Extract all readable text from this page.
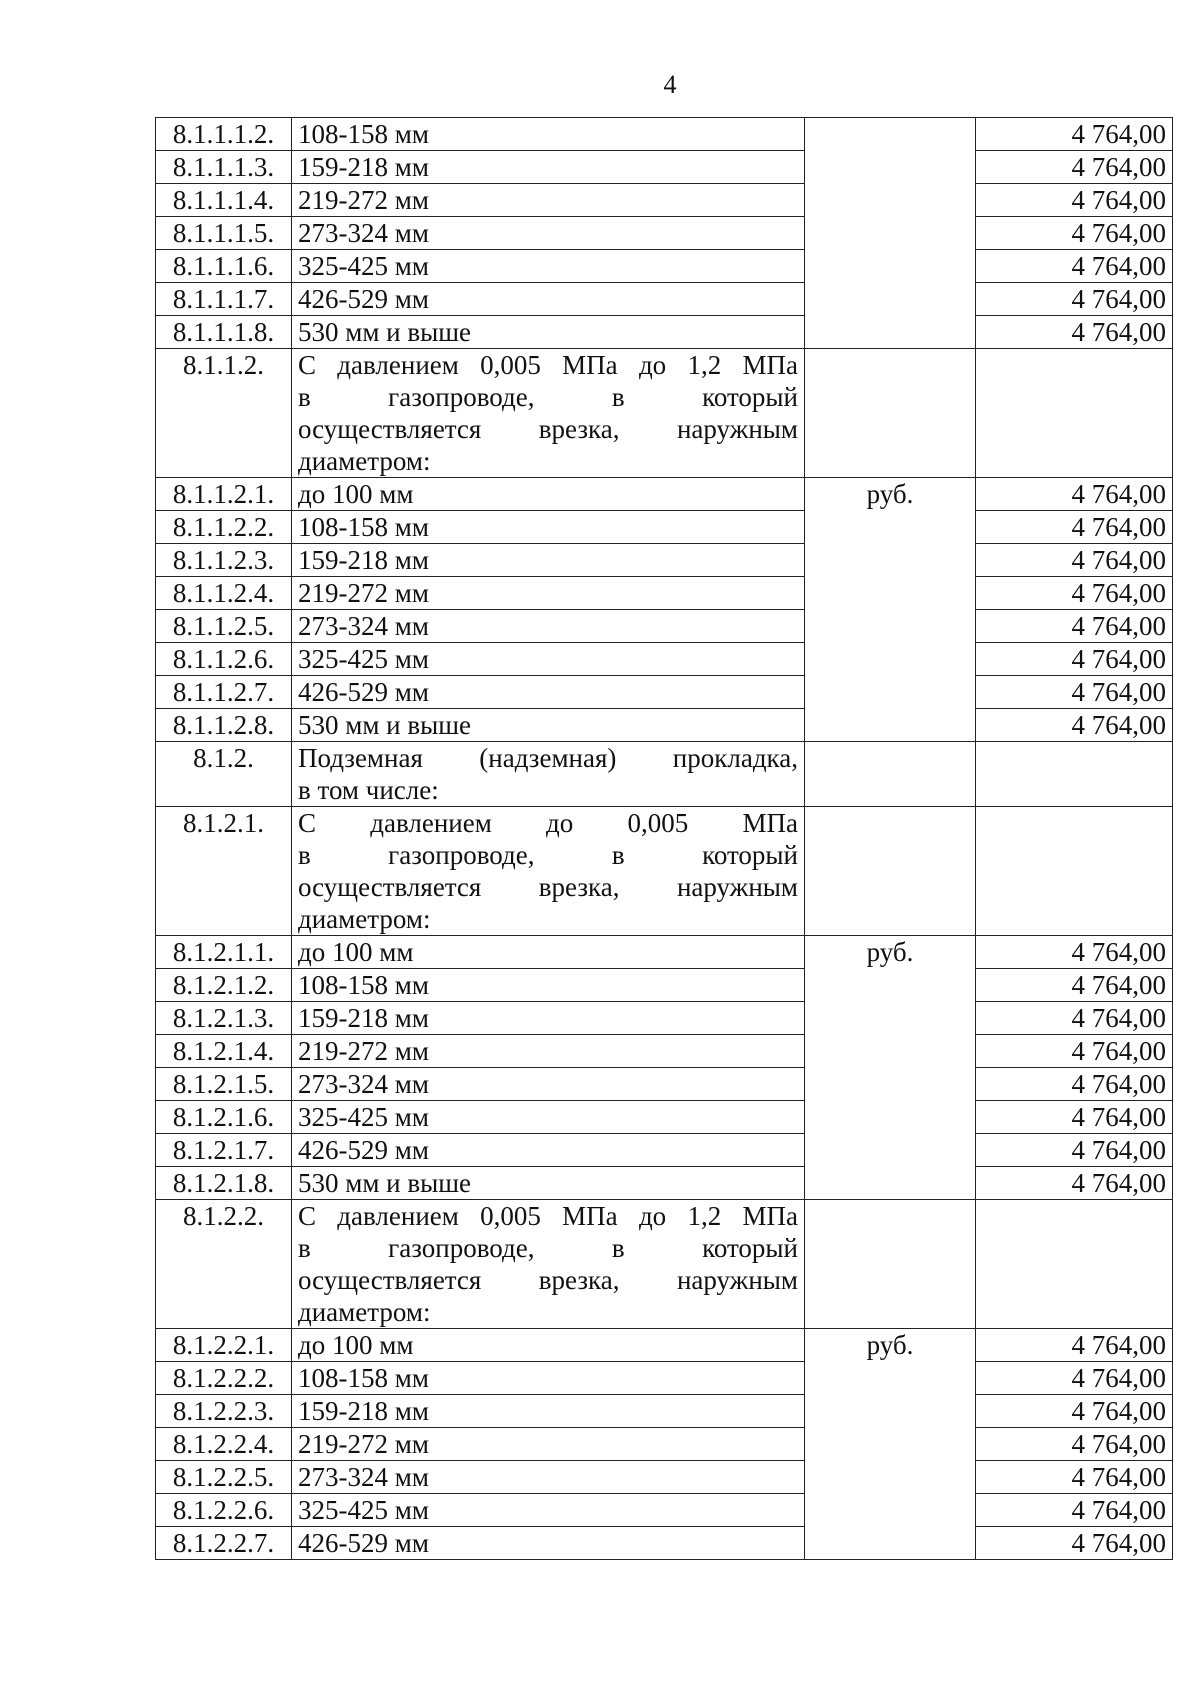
4
8.1.1.1.2.	108-158 мм		4 764,00
8.1.1.1.3.	159-218 мм		4 764,00
8.1.1.1.4.	219-272 мм		4 764,00
8.1.1.1.5.	273-324 мм		4 764,00
8.1.1.1.6.	325-425 мм		4 764,00
8.1.1.1.7.	426-529 мм		4 764,00
8.1.1.1.8.	530 мм и выше		4 764,00
8.1.1.2.	С давлением 0,005 МПа до 1,2 МПа
в газопроводе, в который
осуществляется врезка, наружным
диаметром:		

8.1.1.2.1.	до 100 мм	руб.	4 764,00
8.1.1.2.2.	108-158 мм		4 764,00
8.1.1.2.3.	159-218 мм		4 764,00
8.1.1.2.4.	219-272 мм		4 764,00
8.1.1.2.5.	273-324 мм		4 764,00
8.1.1.2.6.	325-425 мм		4 764,00
8.1.1.2.7.	426-529 мм		4 764,00
8.1.1.2.8.	530 мм и выше		4 764,00
8.1.2.	Подземная (надземная) прокладка,
в том числе:		

8.1.2.1.	С давлением до 0,005 МПа
в газопроводе, в который
осуществляется врезка, наружным
диаметром:		

8.1.2.1.1.	до 100 мм	руб.	4 764,00
8.1.2.1.2.	108-158 мм		4 764,00
8.1.2.1.3.	159-218 мм		4 764,00
8.1.2.1.4.	219-272 мм		4 764,00
8.1.2.1.5.	273-324 мм		4 764,00
8.1.2.1.6.	325-425 мм		4 764,00
8.1.2.1.7.	426-529 мм		4 764,00
8.1.2.1.8.	530 мм и выше		4 764,00
8.1.2.2.	С давлением 0,005 МПа до 1,2 МПа
в газопроводе, в который
осуществляется врезка, наружным
диаметром:		

8.1.2.2.1.	до 100 мм	руб.	4 764,00
8.1.2.2.2.	108-158 мм		4 764,00
8.1.2.2.3.	159-218 мм		4 764,00
8.1.2.2.4.	219-272 мм		4 764,00
8.1.2.2.5.	273-324 мм		4 764,00
8.1.2.2.6.	325-425 мм		4 764,00
8.1.2.2.7.	426-529 мм		4 764,00
